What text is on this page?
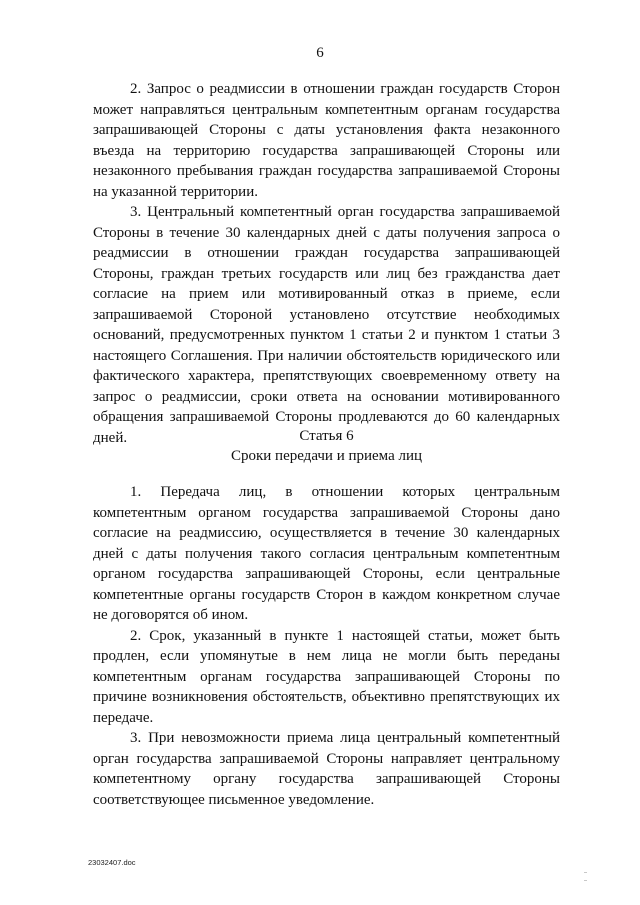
6

2. Запрос о реадмиссии в отношении граждан государств Сторон может направляться центральным компетентным органам государства запрашивающей Стороны с даты установления факта незаконного въезда на территорию государства запрашивающей Стороны или незаконного пребывания граждан государства запрашиваемой Стороны на указанной территории.

3. Центральный компетентный орган государства запрашиваемой Стороны в течение 30 календарных дней с даты получения запроса о реадмиссии в отношении граждан государства запрашивающей Стороны, граждан третьих государств или лиц без гражданства дает согласие на прием или мотивированный отказ в приеме, если запрашиваемой Стороной установлено отсутствие необходимых оснований, предусмотренных пунктом 1 статьи 2 и пунктом 1 статьи 3 настоящего Соглашения. При наличии обстоятельств юридического или фактического характера, препятствующих своевременному ответу на запрос о реадмиссии, сроки ответа на основании мотивированного обращения запрашиваемой Стороны продлеваются до 60 календарных дней.	Статья 6
Сроки передачи и приема лиц

1. Передача лиц, в отношении которых центральным компетентным органом государства запрашиваемой Стороны дано согласие на реадмиссию, осуществляется в течение 30 календарных дней с даты получения такого согласия центральным компетентным органом государства запрашивающей Стороны, если центральные компетентные органы государств Сторон в каждом конкретном случае не договорятся об ином.

2. Срок, указанный в пункте 1 настоящей статьи, может быть продлен, если упомянутые в нем лица не могли быть переданы компетентным органам государства запрашивающей Стороны по причине возникновения обстоятельств, объективно препятствующих их передаче.

3. При невозможности приема лица центральный компетентный орган государства запрашиваемой Стороны направляет центральному компетентному органу государства запрашивающей Стороны соответствующее письменное уведомление.

23032407.doc
